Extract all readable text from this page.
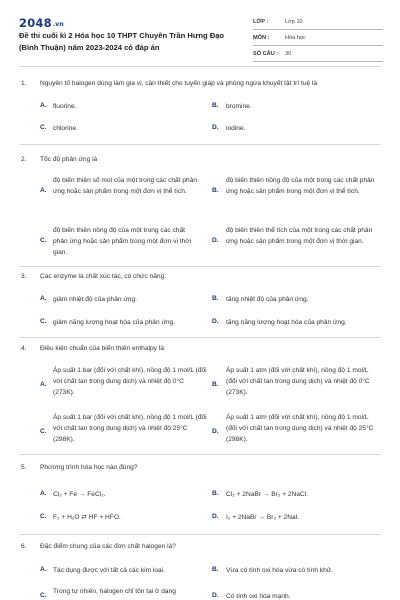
2048.vn
Đề thi cuối kì 2 Hóa học 10 THPT Chuyên Trần Hưng Đạo (Bình Thuận) năm 2023-2024 có đáp án
LỚP :	Lớp 10
MÔN :	Hóa học
SỐ CÂU :	30
1. Nguyên tố halogen dùng làm gia vị, cần thiết cho tuyến giáp và phòng ngừa khuyết tật trí tuệ là
A. fluorine.	B. bromine.
C. chlorine.	D. iodine.
2. Tốc độ phản ứng là
A.
độ biến thiên số mol của một trong các chất phản ứng hoặc sản phẩm trong một đơn vị thể tích.	B.
độ biến thiên nồng độ của một trong các chất phản ứng hoặc sản phẩm trong một đơn vị thể tích.
C.
độ biến thiên nồng độ của một trong các chất phản ứng hoặc sản phẩm trong một đơn vị thời gian.
D.
độ biến thiên thể tích của một trong các chất phản ứng hoặc sản phẩm trong một đơn vị thời gian.
3. Các enzyme là chất xúc tác, có chức năng:
A. giảm nhiệt độ của phản ứng.	B. tăng nhiệt độ của phản ứng.
C. giảm năng lượng hoạt hóa của phản ứng.	D. tăng năng lượng hoạt hóa của phản ứng.
4. Điều kiện chuẩn của biến thiên enthalpy là:
A.
Áp suất 1 bar (đối với chất khí), nồng độ 1 mol/L (đối với chất tan trong dung dịch) và nhiệt độ 0°C (273K).
B.
Áp suất 1 atm (đối với chất khí), nồng độ 1 mol/L (đối với chất tan trong dung dịch) và nhiệt độ 0°C (273K).
C.
Áp suất 1 bar (đối với chất khí), nồng độ 1 mol/L (đối với chất tan trong dung dịch) và nhiệt độ 25°C (298K).
D.
Áp suất 1 atm (đối với chất khí), nồng độ 1 mol/L (đối với chất tan trong dung dịch) và nhiệt độ 25°C (298K).
5. Phương trình hóa học nào đúng?
A. Cl₂ + Fe → FeCl₂.	B. Cl₂ + 2NaBr → Br₂ + 2NaCl.
C. F₂ + H₂O ⇄ HF + HFO.	D. I₂ + 2NaBr → Br₂ + 2NaI.
6. Đặc điểm chung của các đơn chất halogen là?
A. Tác dụng được với tất cả các kim loại.	B. Vừa có tính oxi hóa vừa có tính khử.
C.
Trong tự nhiên, halogen chỉ tồn tại ở dạng
D. Có tính oxi hóa mạnh.
